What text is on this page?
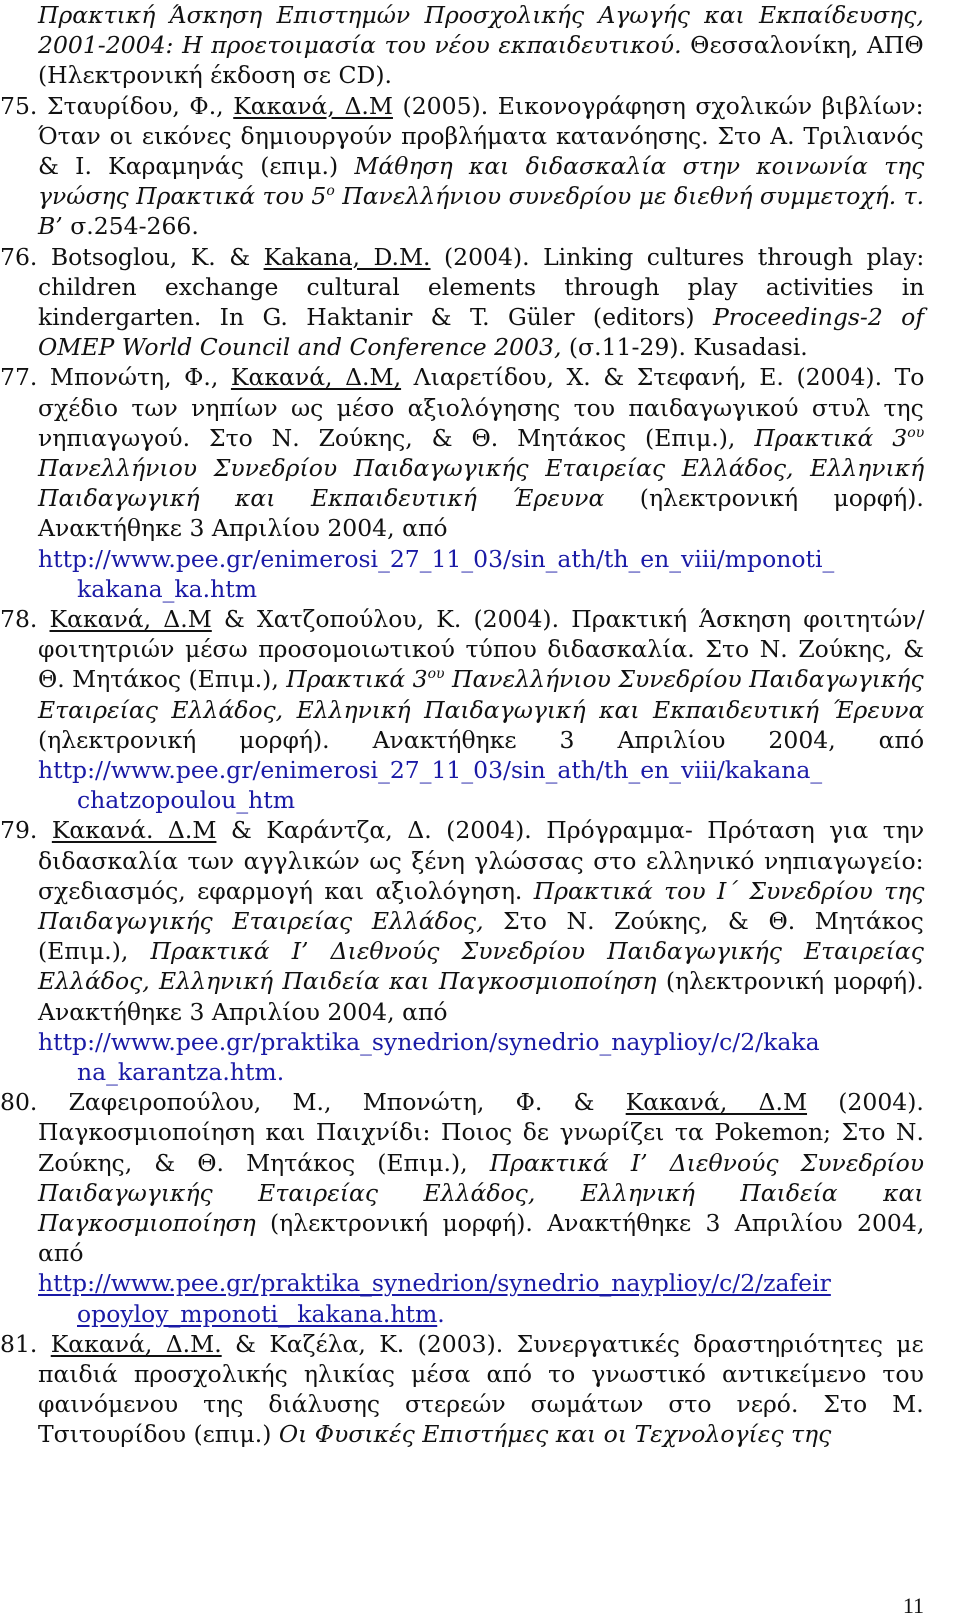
Πρακτική Άσκηση Επιστημών Προσχολικής Αγωγής και Εκπαίδευσης,
2001-2004: Η προετοιμασία του νέου εκπαιδευτικού. Θεσσαλονίκη, ΑΠΘ
(Ηλεκτρονική έκδοση σε CD).
75. Σταυρίδου, Φ., Κακανά, Δ.Μ (2005). Εικονογράφηση σχολικών βιβλίων:
Όταν οι εικόνες δημιουργούν προβλήματα κατανόησης. Στο Α. Τριλιανός
& Ι. Καραμηνάς (επιμ.) Μάθηση και διδασκαλία στην κοινωνία της
γνώσης Πρακτικά του $5^o$ Πανελλήνιου συνεδρίου με διεθνή συμμετοχή. τ.
Β’ σ.254-266.
76. Botsoglou, K. & Kakana, D.M. (2004). Linking cultures through play:
children exchange cultural elements through play activities in
kindergarten. In G. Haktanir & T. Güler (editors) Proceedings-2 of
OMEP World Council and Conference 2003, (σ.11-29). Kusadasi.
77. Μπονώτη, Φ., Κακανά, Δ.Μ, Λιαρετίδου, Χ. & Στεφανή, Ε. (2004). Το
σχέδιο των νηπίων ως μέσο αξιολόγησης του παιδαγωγικού στυλ της
νηπιαγωγού. Στο Ν. Ζούκης, & Θ. Μητάκος (Επιμ.), Πρακτικά $3^{o\upsilon}$
Πανελλήνιου Συνεδρίου Παιδαγωγικής Εταιρείας Ελλάδος, Ελληνική
Παιδαγωγική και Εκπαιδευτική Έρευνα (ηλεκτρονική μορφή).
Ανακτήθηκε 3 Απριλίου 2004, από
http://www.pee.gr/enimerosi_27_11_03/sin_ath/th_en_viii/mponoti_
kakana_ka.htm
78. Κακανά, Δ.Μ & Χατζοπούλου, Κ. (2004). Πρακτική Άσκηση φοιτητών/
φοιτητριών μέσω προσομοιωτικού τύπου διδασκαλία. Στο Ν. Ζούκης, &
Θ. Μητάκος (Επιμ.), Πρακτικά $3^{o\upsilon}$ Πανελλήνιου Συνεδρίου Παιδαγωγικής
Εταιρείας Ελλάδος, Ελληνική Παιδαγωγική και Εκπαιδευτική Έρευνα
(ηλεκτρονική μορφή). Ανακτήθηκε 3 Απριλίου 2004, από
http://www.pee.gr/enimerosi_27_11_03/sin_ath/th_en_viii/kakana_
chatzopoulou_htm
79. Κακανά. Δ.Μ & Καράντζα, Δ. (2004). Πρόγραμμα- Πρόταση για την
διδασκαλία των αγγλικών ως ξένη γλώσσας στο ελληνικό νηπιαγωγείο:
σχεδιασμός, εφαρμογή και αξιολόγηση. Πρακτικά του Ι΄ Συνεδρίου της
Παιδαγωγικής Εταιρείας Ελλάδος, Στο Ν. Ζούκης, & Θ. Μητάκος
(Επιμ.), Πρακτικά Ι’ Διεθνούς Συνεδρίου Παιδαγωγικής Εταιρείας
Ελλάδος, Ελληνική Παιδεία και Παγκοσμιοποίηση (ηλεκτρονική μορφή).
Ανακτήθηκε 3 Απριλίου 2004, από
http://www.pee.gr/praktika_synedrion/synedrio_nayplioy/c/2/kaka
na_karantza.htm.
80. Ζαφειροπούλου, Μ., Μπονώτη, Φ. & Κακανά, Δ.Μ (2004).
Παγκοσμιοποίηση και Παιχνίδι: Ποιος δε γνωρίζει τα Pokemon; Στο Ν.
Ζούκης, & Θ. Μητάκος (Επιμ.), Πρακτικά Ι’ Διεθνούς Συνεδρίου
Παιδαγωγικής Εταιρείας Ελλάδος, Ελληνική Παιδεία και
Παγκοσμιοποίηση (ηλεκτρονική μορφή). Ανακτήθηκε 3 Απριλίου 2004,
από
http://www.pee.gr/praktika_synedrion/synedrio_nayplioy/c/2/zafeir
opoyloy_mponoti_ kakana.htm.
81. Κακανά, Δ.Μ. & Καζέλα, Κ. (2003). Συνεργατικές δραστηριότητες με
παιδιά προσχολικής ηλικίας μέσα από το γνωστικό αντικείμενο του
φαινόμενου της διάλυσης στερεών σωμάτων στο νερό. Στο Μ.
Τσιτουρίδου (επιμ.) Οι Φυσικές Επιστήμες και οι Τεχνολογίες της
11
